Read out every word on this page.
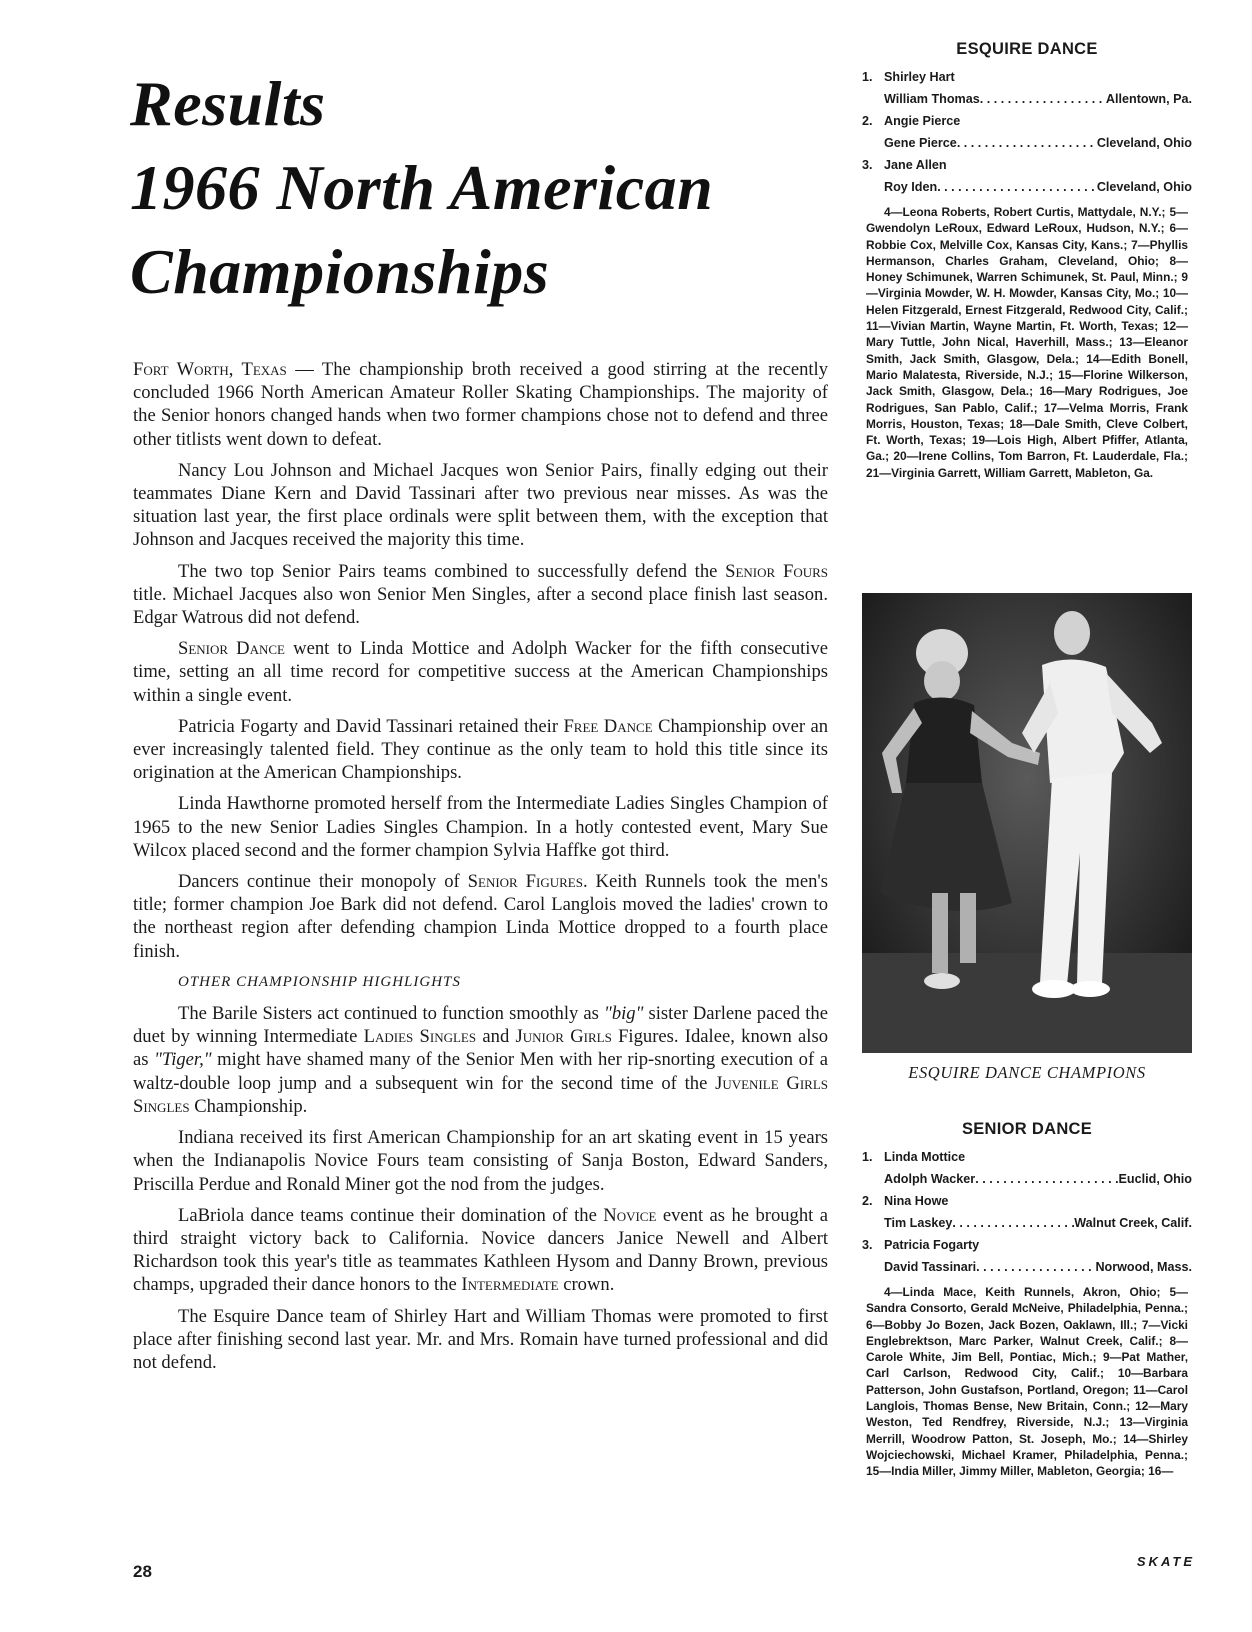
Results
1966 North American
Championships

Fort Worth, Texas — The championship broth received a good stirring at the recently concluded 1966 North American Amateur Roller Skating Championships. The majority of the Senior honors changed hands when two former champions chose not to defend and three other titlists went down to defeat.

Nancy Lou Johnson and Michael Jacques won Senior Pairs, finally edging out their teammates Diane Kern and David Tassinari after two previous near misses. As was the situation last year, the first place ordinals were split between them, with the exception that Johnson and Jacques received the majority this time.

The two top Senior Pairs teams combined to successfully defend the Senior Fours title. Michael Jacques also won Senior Men Singles, after a second place finish last season. Edgar Watrous did not defend.

Senior Dance went to Linda Mottice and Adolph Wacker for the fifth consecutive time, setting an all time record for competitive success at the American Championships within a single event.

Patricia Fogarty and David Tassinari retained their Free Dance Championship over an ever increasingly talented field. They continue as the only team to hold this title since its origination at the American Championships.

Linda Hawthorne promoted herself from the Intermediate Ladies Singles Champion of 1965 to the new Senior Ladies Singles Champion. In a hotly contested event, Mary Sue Wilcox placed second and the former champion Sylvia Haffke got third.

Dancers continue their monopoly of Senior Figures. Keith Runnels took the men's title; former champion Joe Bark did not defend. Carol Langlois moved the ladies' crown to the northeast region after defending champion Linda Mottice dropped to a fourth place finish.

OTHER CHAMPIONSHIP HIGHLIGHTS

The Barile Sisters act continued to function smoothly as "big" sister Darlene paced the duet by winning Intermediate Ladies Singles and Junior Girls Figures. Idalee, known also as "Tiger," might have shamed many of the Senior Men with her rip-snorting execution of a waltz-double loop jump and a subsequent win for the second time of the Juvenile Girls Singles Championship.

Indiana received its first American Championship for an art skating event in 15 years when the Indianapolis Novice Fours team consisting of Sanja Boston, Edward Sanders, Priscilla Perdue and Ronald Miner got the nod from the judges.

LaBriola dance teams continue their domination of the Novice event as he brought a third straight victory back to California. Novice dancers Janice Newell and Albert Richardson took this year's title as teammates Kathleen Hysom and Danny Brown, previous champs, upgraded their dance honors to the Intermediate crown.

The Esquire Dance team of Shirley Hart and William Thomas were promoted to first place after finishing second last year. Mr. and Mrs. Romain have turned professional and did not defend.

ESQUIRE DANCE
1. Shirley Hart
William Thomas . . .	Allentown, Pa.
2. Angie Pierce
Gene Pierce . . .	Cleveland, Ohio
3. Jane Allen
Roy Iden . . .	Cleveland, Ohio
4—Leona Roberts, Robert Curtis, Mattydale, N.Y.; 5—Gwendolyn LeRoux, Edward LeRoux, Hudson, N.Y.; 6—Robbie Cox, Melville Cox, Kansas City, Kans.; 7—Phyllis Hermanson, Charles Graham, Cleveland, Ohio; 8—Honey Schimunek, Warren Schimunek, St. Paul, Minn.; 9—Virginia Mowder, W. H. Mowder, Kansas City, Mo.; 10—Helen Fitzgerald, Ernest Fitzgerald, Redwood City, Calif.; 11—Vivian Martin, Wayne Martin, Ft. Worth, Texas; 12—Mary Tuttle, John Nical, Haverhill, Mass.; 13—Eleanor Smith, Jack Smith, Glasgow, Dela.; 14—Edith Bonell, Mario Malatesta, Riverside, N.J.; 15—Florine Wilkerson, Jack Smith, Glasgow, Dela.; 16—Mary Rodrigues, Joe Rodrigues, San Pablo, Calif.; 17—Velma Morris, Frank Morris, Houston, Texas; 18—Dale Smith, Cleve Colbert, Ft. Worth, Texas; 19—Lois High, Albert Pfiffer, Atlanta, Ga.; 20—Irene Collins, Tom Barron, Ft. Lauderdale, Fla.; 21—Virginia Garrett, William Garrett, Mableton, Ga.
ESQUIRE DANCE CHAMPIONS
SENIOR DANCE
1. Linda Mottice
Adolph Wacker . . .	Euclid, Ohio
2. Nina Howe
Tim Laskey . . .	Walnut Creek, Calif.
3. Patricia Fogarty
David Tassinari . . .	Norwood, Mass.
4—Linda Mace, Keith Runnels, Akron, Ohio; 5—Sandra Consorto, Gerald McNeive, Philadelphia, Penna.; 6—Bobby Jo Bozen, Jack Bozen, Oaklawn, Ill.; 7—Vicki Englebrektson, Marc Parker, Walnut Creek, Calif.; 8—Carole White, Jim Bell, Pontiac, Mich.; 9—Pat Mather, Carl Carlson, Redwood City, Calif.; 10—Barbara Patterson, John Gustafson, Portland, Oregon; 11—Carol Langlois, Thomas Bense, New Britain, Conn.; 12—Mary Weston, Ted Rendfrey, Riverside, N.J.; 13—Virginia Merrill, Woodrow Patton, St. Joseph, Mo.; 14—Shirley Wojciechowski, Michael Kramer, Philadelphia, Penna.; 15—India Miller, Jimmy Miller, Mableton, Georgia; 16—
28
SKATE
